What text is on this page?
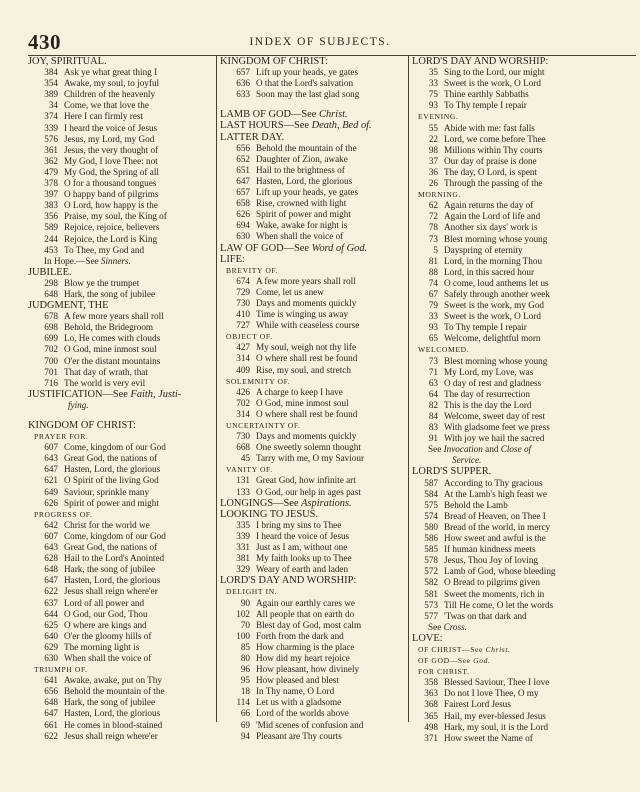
430	INDEX OF SUBJECTS.
JOY, SPIRITUAL.
384 Ask ye what great thing I
354 Awake, my soul, to joyful
389 Children of the heavenly
34 Come, we that love the
374 Here I can firmly rest
339 I heard the voice of Jesus
576 Jesus, my Lord, my God
361 Jesus, the very thought of
362 My God, I love Thee: not
479 My God, the Spring of all
378 O for a thousand tongues
397 O happy band of pilgrims
383 O Lord, how happy is the
356 Praise, my soul, the King of
589 Rejoice, rejoice, believers
244 Rejoice, the Lord is King
453 To Thee, my God and
In Hope.—See Sinners.
JUBILEE.
298 Blow ye the trumpet
648 Hark, the song of jubilee
JUDGMENT, THE
678 A few more years shall roll
698 Behold, the Bridegroom
699 Lo, He comes with clouds
702 O God, mine inmost soul
700 O'er the distant mountains
701 That day of wrath, that
716 The world is very evil
JUSTIFICATION—See Faith, Justi-
fying.
KINGDOM OF CHRIST:
PRAYER FOR.
607 Come, kingdom of our God
643 Great God, the nations of
647 Hasten, Lord, the glorious
621 O Spirit of the living God
649 Saviour, sprinkle many
626 Spirit of power and might
PROGRESS OF.
642 Christ for the world we
607 Come, kingdom of our God
643 Great God, the nations of
628 Hail to the Lord's Anointed
648 Hark, the song of jubilee
647 Hasten, Lord, the glorious
622 Jesus shall reign where'er
637 Lord of all power and
644 O God, our God, Thou
625 O where are kings and
640 O'er the gloomy hills of
629 The morning light is
630 When shall the voice of
TRIUMPH OF.
641 Awake, awake, put on Thy
656 Behold the mountain of the
648 Hark, the song of jubilee
647 Hasten, Lord, the glorious
661 He comes in blood-stained
622 Jesus shall reign where'er
KINGDOM OF CHRIST:
657 Lift up your heads, ye gates
636 O that the Lord's salvation
633 Soon may the last glad song
LAMB OF GOD—See Christ.
LAST HOURS—See Death, Bed of.
LATTER DAY.
656 Behold the mountain of the
652 Daughter of Zion, awake
651 Hail to the brightness of
647 Hasten, Lord, the glorious
657 Lift up your heads, ye gates
658 Rise, crowned with light
626 Spirit of power and might
694 Wake, awake for night is
630 When shall the voice of
LAW OF GOD—See Word of God.
LIFE:
BREVITY OF.
674 A few more years shall roll
729 Come, let us anew
730 Days and moments quickly
410 Time is winging us away
727 While with ceaseless course
OBJECT OF.
427 My soul, weigh not thy life
314 O where shall rest be found
409 Rise, my soul, and stretch
SOLEMNITY OF.
426 A charge to keep I have
702 O God, mine inmost soul
314 O where shall rest be found
UNCERTAINTY OF.
730 Days and moments quickly
668 One sweetly solemn thought
45 Tarry with me, O my Saviour
VANITY OF.
131 Great God, how infinite art
133 O God, our help in ages past
LONGINGS—See Aspirations.
LOOKING TO JESUS.
335 I bring my sins to Thee
339 I heard the voice of Jesus
331 Just as I am, without one
381 My faith looks up to Thee
329 Weary of earth and laden
LORD'S DAY AND WORSHIP:
DELIGHT IN.
90 Again our earthly cares we
102 All people that on earth do
70 Blest day of God, most calm
100 Forth from the dark and
85 How charming is the place
80 How did my heart rejoice
96 How pleasant, how divinely
95 How pleased and blest
18 In Thy name, O Lord
114 Let us with a gladsome
66 Lord of the worlds above
69 'Mid scenes of confusion and
94 Pleasant are Thy courts
LORD'S DAY AND WORSHIP:
35 Sing to the Lord, our might
33 Sweet is the work, O Lord
75 Thine earthly Sabbaths
93 To Thy temple I repair
EVENING.
55 Abide with me: fast falls
22 Lord, we come before Thee
98 Millions within Thy courts
37 Our day of praise is done
36 The day, O Lord, is spent
26 Through the passing of the
MORNING.
62 Again returns the day of
72 Again the Lord of life and
78 Another six days' work is
73 Blest morning whose young
5 Dayspring of eternity
81 Lord, in the morning Thou
88 Lord, in this sacred hour
74 O come, loud anthems let us
67 Safely through another week
79 Sweet is the work, my God
33 Sweet is the work, O Lord
93 To Thy temple I repair
65 Welcome, delightful morn
WELCOMED.
73 Blest morning whose young
71 My Lord, my Love, was
63 O day of rest and gladness
64 The day of resurrection
82 This is the day the Lord
84 Welcome, sweet day of rest
83 With gladsome feet we press
91 With joy we hail the sacred
See Invocation and Close of
Service.
LORD'S SUPPER.
587 According to Thy gracious
584 At the Lamb's high feast we
575 Behold the Lamb
574 Bread of Heaven, on Thee I
580 Bread of the world, in mercy
586 How sweet and awful is the
585 If human kindness meets
578 Jesus, Thou Joy of loving
572 Lamb of God, whose bleeding
582 O Bread to pilgrims given
581 Sweet the moments, rich in
573 Till He come, O let the words
577 'Twas on that dark and
See Cross.
LOVE:
OF CHRIST—See Christ.
OF GOD—See God.
FOR CHRIST.
358 Blessed Saviour, Thee I love
363 Do not I love Thee, O my
368 Fairest Lord Jesus
365 Hail, my ever-blessed Jesus
498 Hark, my soul, it is the Lord
371 How sweet the Name of
